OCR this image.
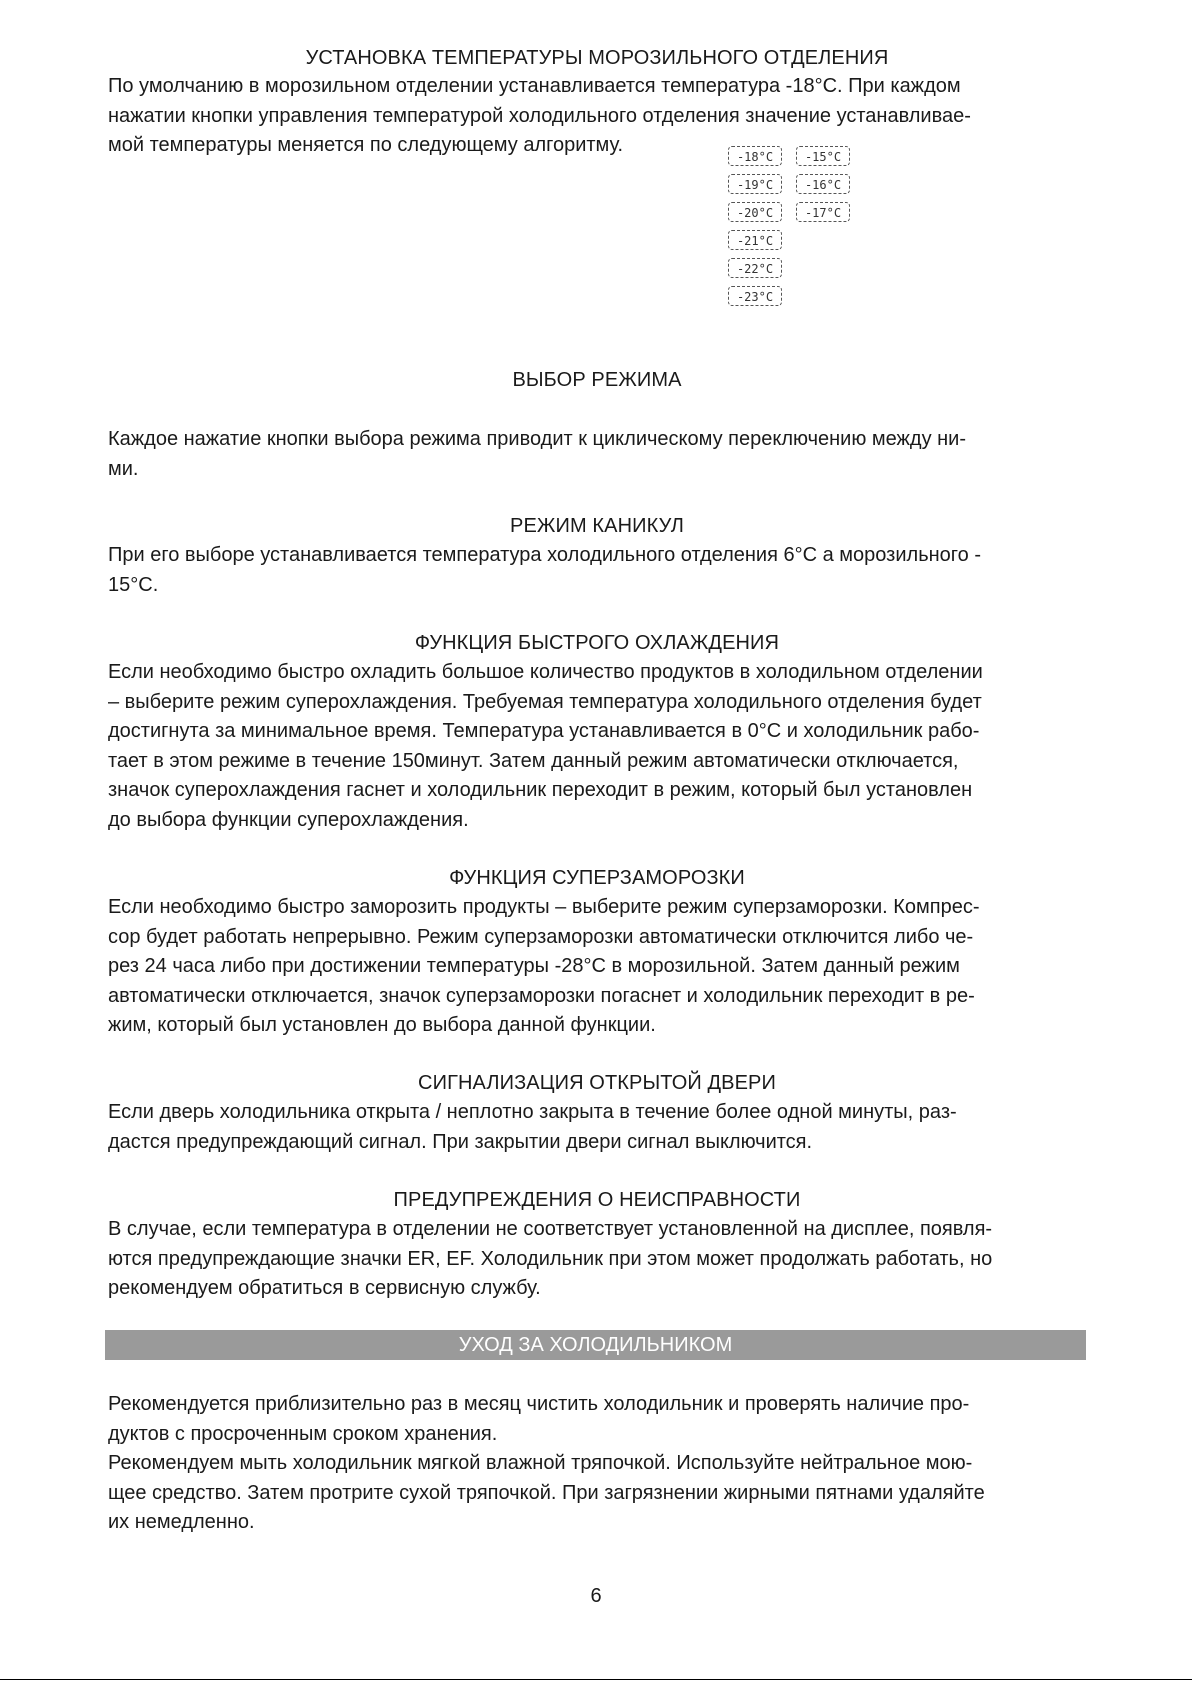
УСТАНОВКА ТЕМПЕРАТУРЫ МОРОЗИЛЬНОГО ОТДЕЛЕНИЯ
По умолчанию в морозильном отделении устанавливается температура -18°С. При каждом
нажатии кнопки управления температурой холодильного отделения значение устанавливае-
мой температуры меняется по следующему алгоритму.
-18°С
-19°С
-20°С
-21°С
-22°С
-23°С
-15°С
-16°С
-17°С
ВЫБОР РЕЖИМА
Каждое нажатие кнопки выбора режима приводит к циклическому переключению между ни-
ми.
РЕЖИМ КАНИКУЛ
При его выборе устанавливается температура холодильного отделения 6°С а морозильного -
15°С.
ФУНКЦИЯ БЫСТРОГО ОХЛАЖДЕНИЯ
Если необходимо быстро охладить большое количество продуктов в холодильном отделении
– выберите режим суперохлаждения. Требуемая температура холодильного отделения будет
достигнута за минимальное время. Температура устанавливается в 0°С и холодильник рабо-
тает в этом режиме в течение 150минут. Затем данный режим автоматически отключается,
значок суперохлаждения гаснет и холодильник переходит в режим, который был установлен
до выбора функции суперохлаждения.
ФУНКЦИЯ СУПЕРЗАМОРОЗКИ
Если необходимо быстро заморозить продукты – выберите режим суперзаморозки. Компрес-
сор будет работать непрерывно. Режим суперзаморозки автоматически отключится либо че-
рез 24 часа либо при достижении температуры -28°С в морозильной. Затем данный режим
автоматически отключается, значок суперзаморозки погаснет и холодильник переходит в ре-
жим, который был установлен до выбора данной функции.
СИГНАЛИЗАЦИЯ ОТКРЫТОЙ ДВЕРИ
Если дверь холодильника открыта / неплотно закрыта в течение более одной минуты, раз-
дастся предупреждающий сигнал. При закрытии двери сигнал выключится.
ПРЕДУПРЕЖДЕНИЯ О НЕИСПРАВНОСТИ
В случае, если температура в отделении не соответствует установленной на дисплее, появля-
ются предупреждающие значки ER, EF. Холодильник при этом может продолжать работать, но
рекомендуем обратиться в сервисную службу.
УХОД ЗА ХОЛОДИЛЬНИКОМ
Рекомендуется приблизительно раз в месяц чистить холодильник и проверять наличие про-
дуктов с просроченным сроком хранения.
Рекомендуем мыть холодильник мягкой влажной тряпочкой. Используйте нейтральное мою-
щее средство. Затем протрите сухой тряпочкой. При загрязнении жирными пятнами удаляйте
их немедленно.
6
